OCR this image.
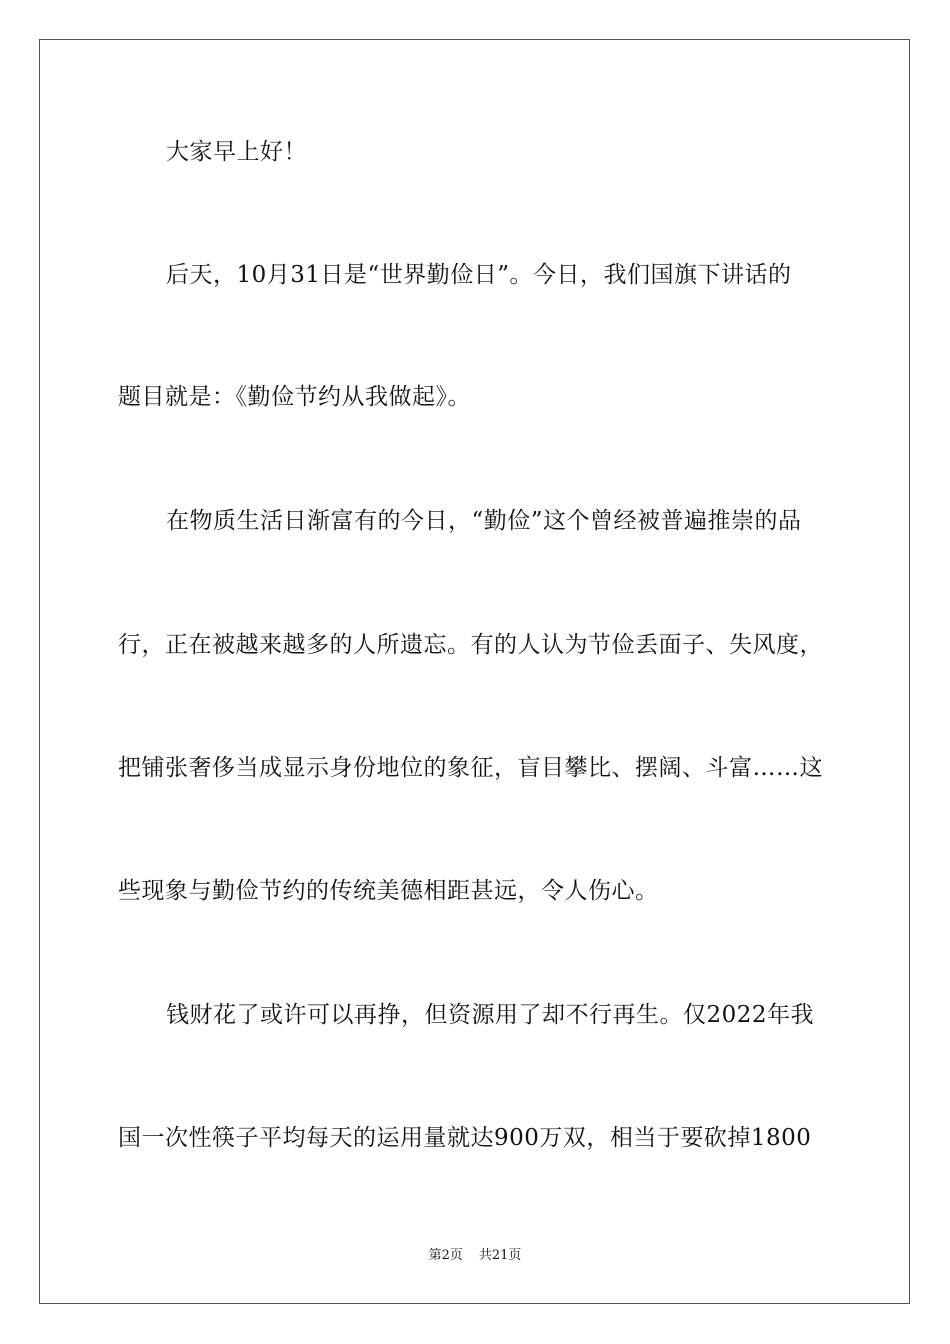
大家早上好！
后天，10月31日是“世界勤俭日”。今日，我们国旗下讲话的
题目就是：《勤俭节约从我做起》。
在物质生活日渐富有的今日，“勤俭”这个曾经被普遍推崇的品
行，正在被越来越多的人所遗忘。有的人认为节俭丢面子、失风度，
把铺张奢侈当成显示身份地位的象征，盲目攀比、摆阔、斗富……这
些现象与勤俭节约的传统美德相距甚远，令人伤心。
钱财花了或许可以再挣，但资源用了却不行再生。仅2022年我
国一次性筷子平均每天的运用量就达900万双，相当于要砍掉1800
第2页 共21页
